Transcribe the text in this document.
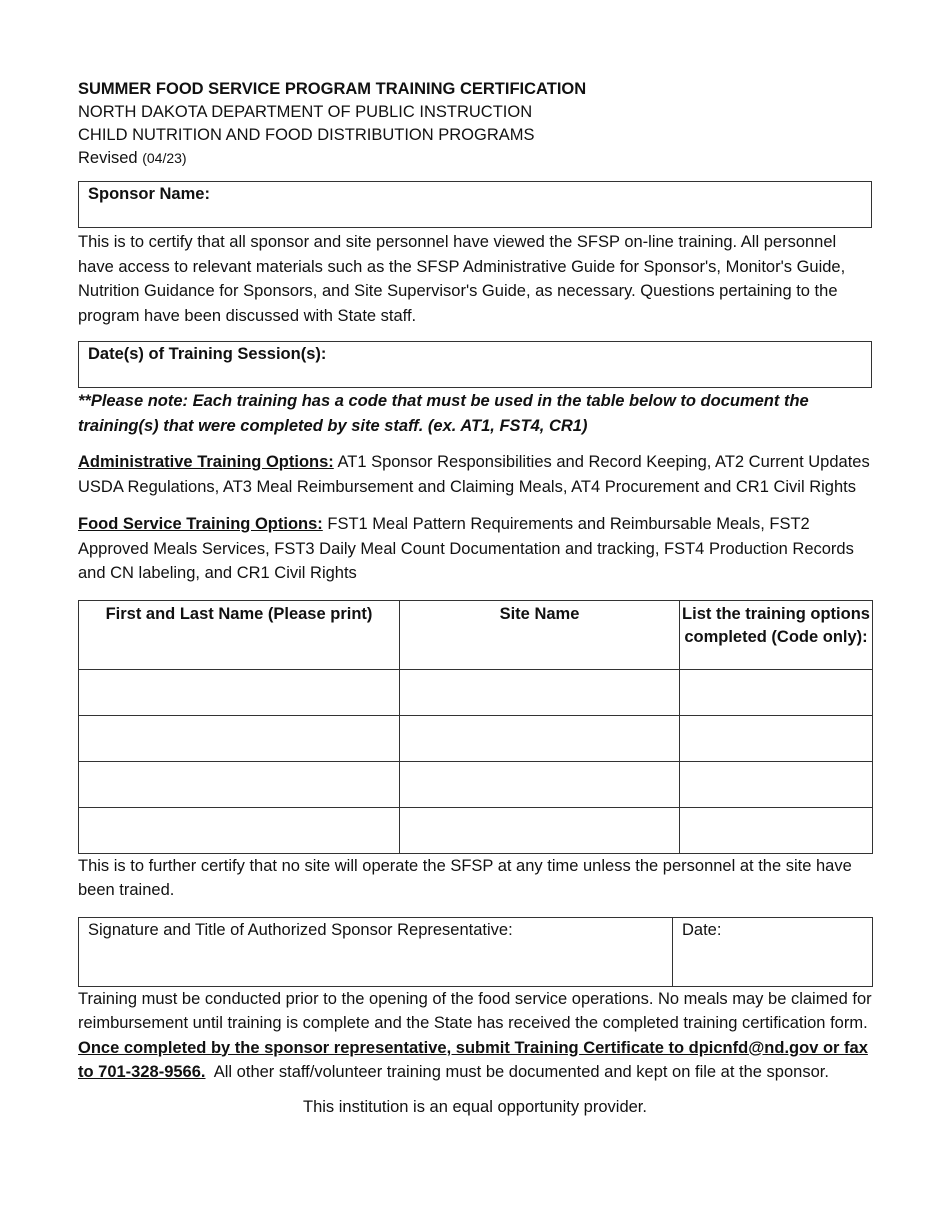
SUMMER FOOD SERVICE PROGRAM TRAINING CERTIFICATION
NORTH DAKOTA DEPARTMENT OF PUBLIC INSTRUCTION
CHILD NUTRITION AND FOOD DISTRIBUTION PROGRAMS
Revised (04/23)
Sponsor Name:
This is to certify that all sponsor and site personnel have viewed the SFSP on-line training. All personnel have access to relevant materials such as the SFSP Administrative Guide for Sponsor's, Monitor's Guide, Nutrition Guidance for Sponsors, and Site Supervisor's Guide, as necessary. Questions pertaining to the program have been discussed with State staff.
Date(s) of Training Session(s):
**Please note: Each training has a code that must be used in the table below to document the training(s) that were completed by site staff. (ex. AT1, FST4, CR1)
Administrative Training Options: AT1 Sponsor Responsibilities and Record Keeping, AT2 Current Updates USDA Regulations, AT3 Meal Reimbursement and Claiming Meals, AT4 Procurement and CR1 Civil Rights
Food Service Training Options: FST1 Meal Pattern Requirements and Reimbursable Meals, FST2 Approved Meals Services, FST3 Daily Meal Count Documentation and tracking, FST4 Production Records and CN labeling, and CR1 Civil Rights
First and Last Name (Please print)	Site Name	List the training options completed (Code only):

This is to further certify that no site will operate the SFSP at any time unless the personnel at the site have been trained.
Signature and Title of Authorized Sponsor Representative:	Date:
Training must be conducted prior to the opening of the food service operations. No meals may be claimed for reimbursement until training is complete and the State has received the completed training certification form.  Once completed by the sponsor representative, submit Training Certificate to dpicnfd@nd.gov or fax to 701-328-9566.  All other staff/volunteer training must be documented and kept on file at the sponsor.
This institution is an equal opportunity provider.
